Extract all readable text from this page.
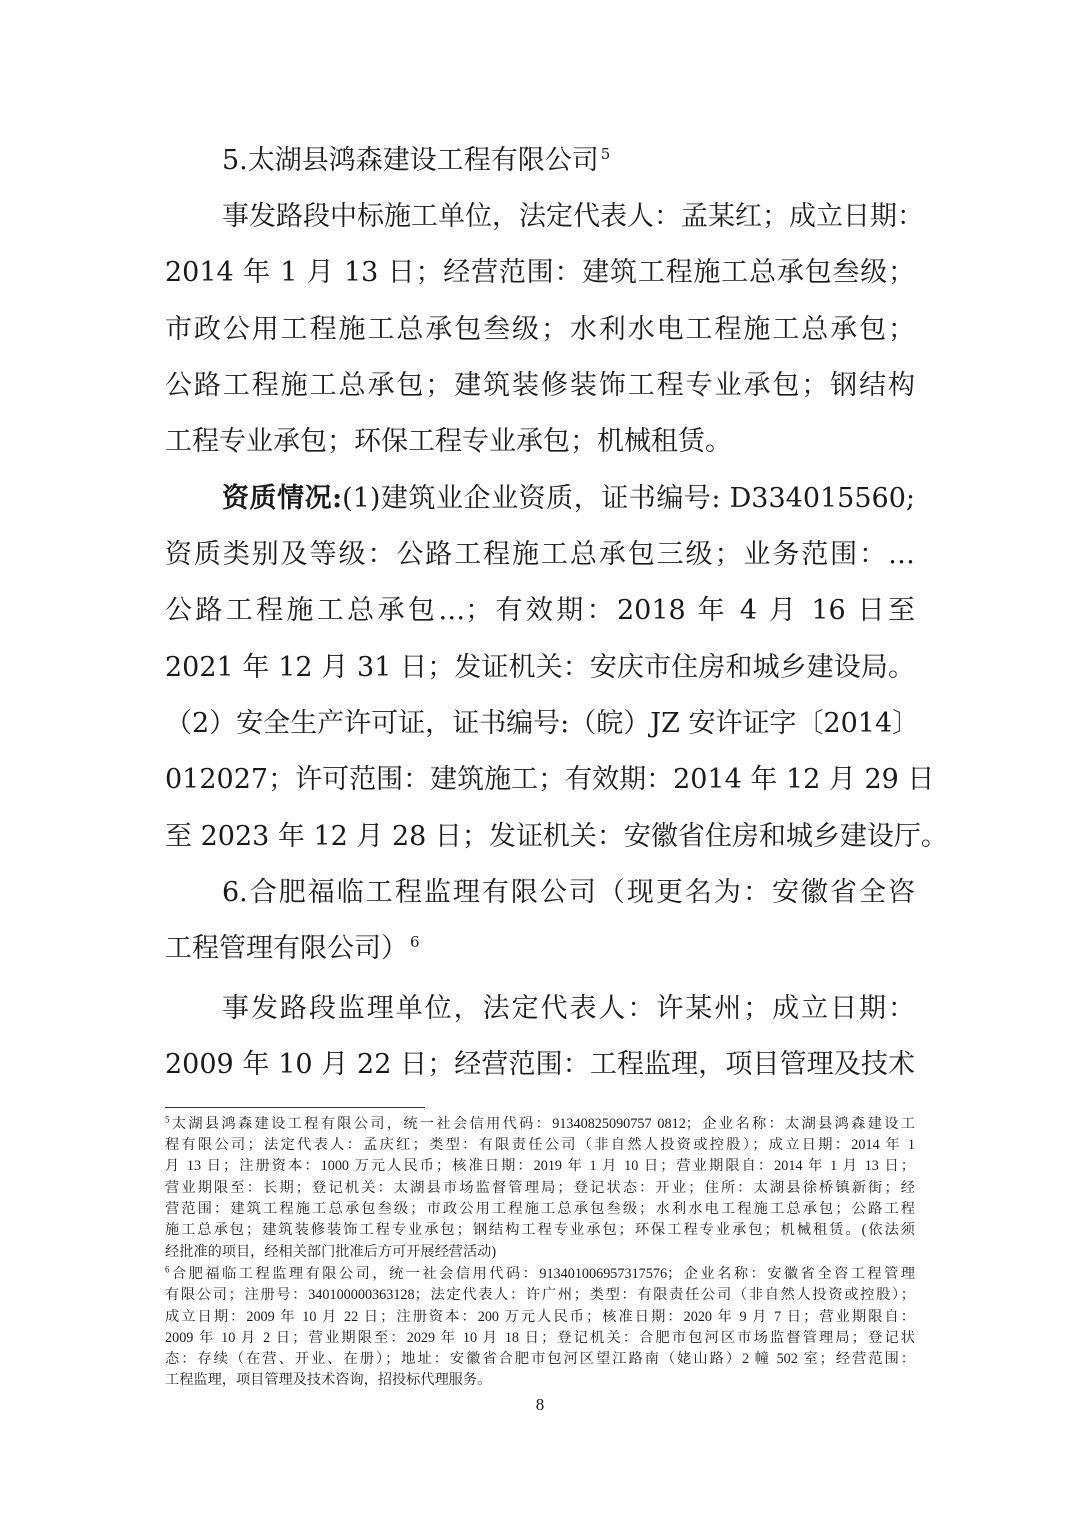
5.太湖县鸿森建设工程有限公司 $^5$
事发路段中标施工单位，法定代表人：孟某红；成立日期：
2014 年 1 月 13 日；经营范围：建筑工程施工总承包叁级；
市政公用工程施工总承包叁级；水利水电工程施工总承包；
公路工程施工总承包；建筑装修装饰工程专业承包；钢结构
工程专业承包；环保工程专业承包；机械租赁。
资质情况:(1)建筑业企业资质，证书编号: D334015560;
资质类别及等级：公路工程施工总承包三级；业务范围：…
公路工程施工总承包…；有效期：2018 年 4 月 16 日至
2021 年 12 月 31 日；发证机关：安庆市住房和城乡建设局。
（2）安全生产许可证，证书编号:（皖）JZ 安许证字〔2014〕
012027；许可范围：建筑施工；有效期：2014 年 12 月 29 日
至 2023 年 12 月 28 日；发证机关：安徽省住房和城乡建设厅。
6.合肥福临工程监理有限公司（现更名为：安徽省全咨
工程管理有限公司） $^6$
事发路段监理单位，法定代表人：许某州；成立日期：
2009 年 10 月 22 日；经营范围：工程监理，项目管理及技术
$^5$太湖县鸿森建设工程有限公司，统一社会信用代码：91340825090757 0812；企业名称：太湖县鸿森建设工
程有限公司；法定代表人：孟庆红；类型：有限责任公司（非自然人投资或控股）；成立日期：2014 年 1
月 13 日；注册资本：1000 万元人民币；核准日期：2019 年 1 月 10 日；营业期限自：2014 年 1 月 13 日；
营业期限至：长期；登记机关：太湖县市场监督管理局；登记状态：开业；住所：太湖县徐桥镇新街；经
营范围：建筑工程施工总承包叁级；市政公用工程施工总承包叁级；水利水电工程施工总承包；公路工程
施工总承包；建筑装修装饰工程专业承包；钢结构工程专业承包；环保工程专业承包；机械租赁。(依法须
经批准的项目，经相关部门批准后方可开展经营活动)
$^6$合肥福临工程监理有限公司，统一社会信用代码：913401006957317576；企业名称：安徽省全咨工程管理
有限公司；注册号：340100000363128；法定代表人：许广州；类型：有限责任公司（非自然人投资或控股）；
成立日期：2009 年 10 月 22 日；注册资本：200 万元人民币；核准日期：2020 年 9 月 7 日；营业期限自：
2009 年 10 月 2 日；营业期限至：2029 年 10 月 18 日；登记机关：合肥市包河区市场监督管理局；登记状
态：存续（在营、开业、在册）；地址：安徽省合肥市包河区望江路南（姥山路）2 幢 502 室；经营范围：
工程监理，项目管理及技术咨询，招投标代理服务。
8
